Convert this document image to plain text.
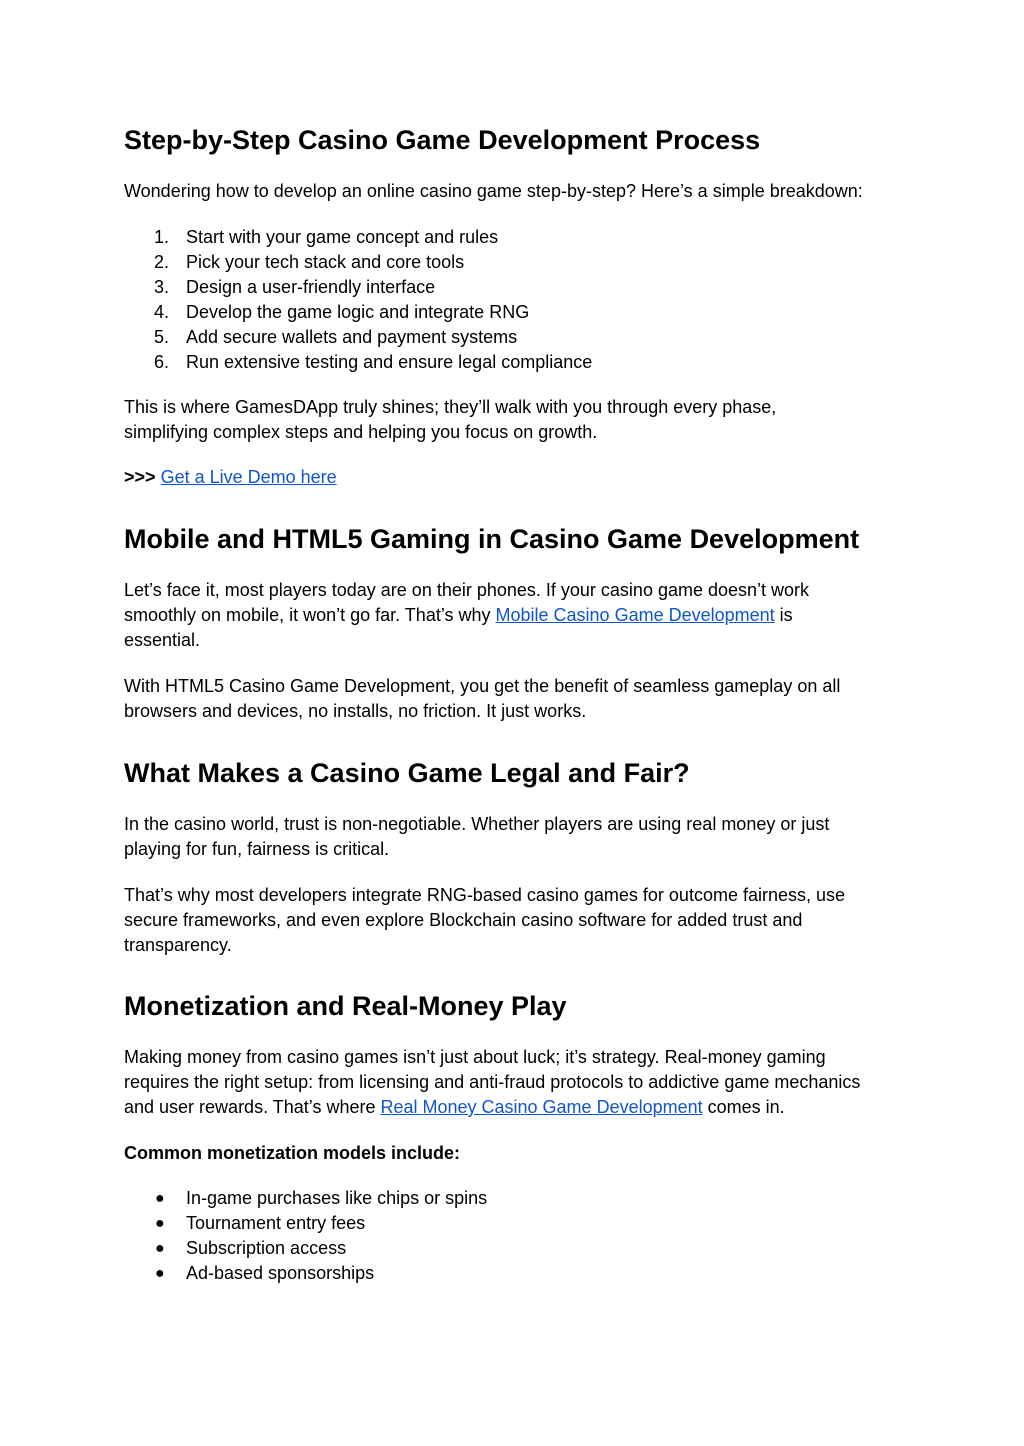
Step-by-Step Casino Game Development Process

Wondering how to develop an online casino game step-by-step? Here’s a simple breakdown:

1. Start with your game concept and rules
2. Pick your tech stack and core tools
3. Design a user-friendly interface
4. Develop the game logic and integrate RNG
5. Add secure wallets and payment systems
6. Run extensive testing and ensure legal compliance

This is where GamesDApp truly shines; they’ll walk with you through every phase,

simplifying complex steps and helping you focus on growth.

>>> Get a Live Demo here

Mobile and HTML5 Gaming in Casino Game Development

Let’s face it, most players today are on their phones. If your casino game doesn’t work

smoothly on mobile, it won’t go far. That’s why Mobile Casino Game Development is

essential.

With HTML5 Casino Game Development, you get the benefit of seamless gameplay on all

browsers and devices, no installs, no friction. It just works.

What Makes a Casino Game Legal and Fair?

In the casino world, trust is non-negotiable. Whether players are using real money or just

playing for fun, fairness is critical.

That’s why most developers integrate RNG-based casino games for outcome fairness, use

secure frameworks, and even explore Blockchain casino software for added trust and

transparency.

Monetization and Real-Money Play

Making money from casino games isn’t just about luck; it’s strategy. Real-money gaming

requires the right setup: from licensing and anti-fraud protocols to addictive game mechanics

and user rewards. That’s where Real Money Casino Game Development comes in.

Common monetization models include:

● In-game purchases like chips or spins
● Tournament entry fees
● Subscription access
● Ad-based sponsorships
